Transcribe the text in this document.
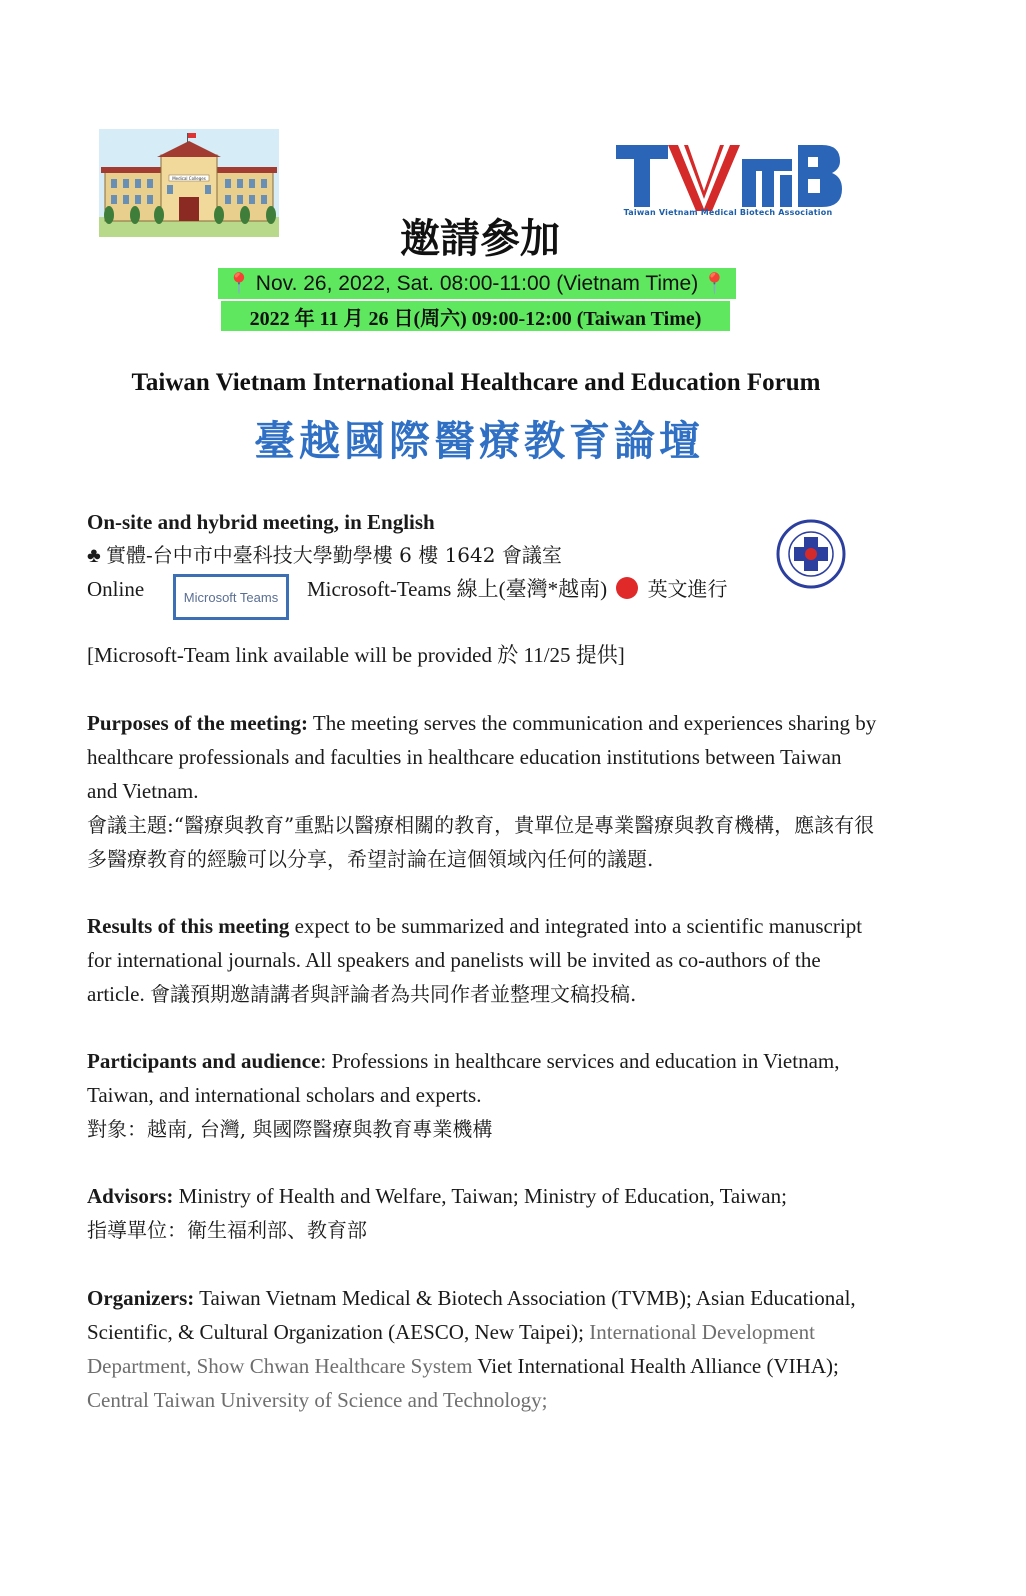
Medical Colleges
TVMB
Taiwan Vietnam Medical Biotech Association
邀請參加
📍 Nov. 26, 2022, Sat. 08:00-11:00 (Vietnam Time) 📍
2022 年 11 月 26 日(周六) 09:00-12:00 (Taiwan Time)
Taiwan Vietnam International Healthcare and Education Forum
臺越國際醫療教育論壇
On-site and hybrid meeting, in English
♣ 實體-台中市中臺科技大學勤學樓 6 樓 1642 會議室
Online	Microsoft Teams	Microsoft-Teams 線上(臺灣*越南) 英文進行
[Microsoft-Team link available will be provided 於 11/25 提供]

Purposes of the meeting: The meeting serves the communication and experiences sharing by healthcare professionals and faculties in healthcare education institutions between Taiwan and Vietnam.

會議主題:“醫療與教育”重點以醫療相關的教育，貴單位是專業醫療與教育機構，應該有很多醫療教育的經驗可以分享，希望討論在這個領域內任何的議題.

Results of this meeting expect to be summarized and integrated into a scientific manuscript for international journals. All speakers and panelists will be invited as co-authors of the article. 會議預期邀請講者與評論者為共同作者並整理文稿投稿.

Participants and audience: Professions in healthcare services and education in Vietnam, Taiwan, and international scholars and experts.

對象：越南, 台灣, 與國際醫療與教育專業機構

Advisors: Ministry of Health and Welfare, Taiwan; Ministry of Education, Taiwan;

指導單位：衛生福利部、教育部

Organizers: Taiwan Vietnam Medical & Biotech Association (TVMB); Asian Educational, Scientific, & Cultural Organization (AESCO, New Taipei); International Development Department, Show Chwan Healthcare System Viet International Health Alliance (VIHA); Central Taiwan University of Science and Technology;
